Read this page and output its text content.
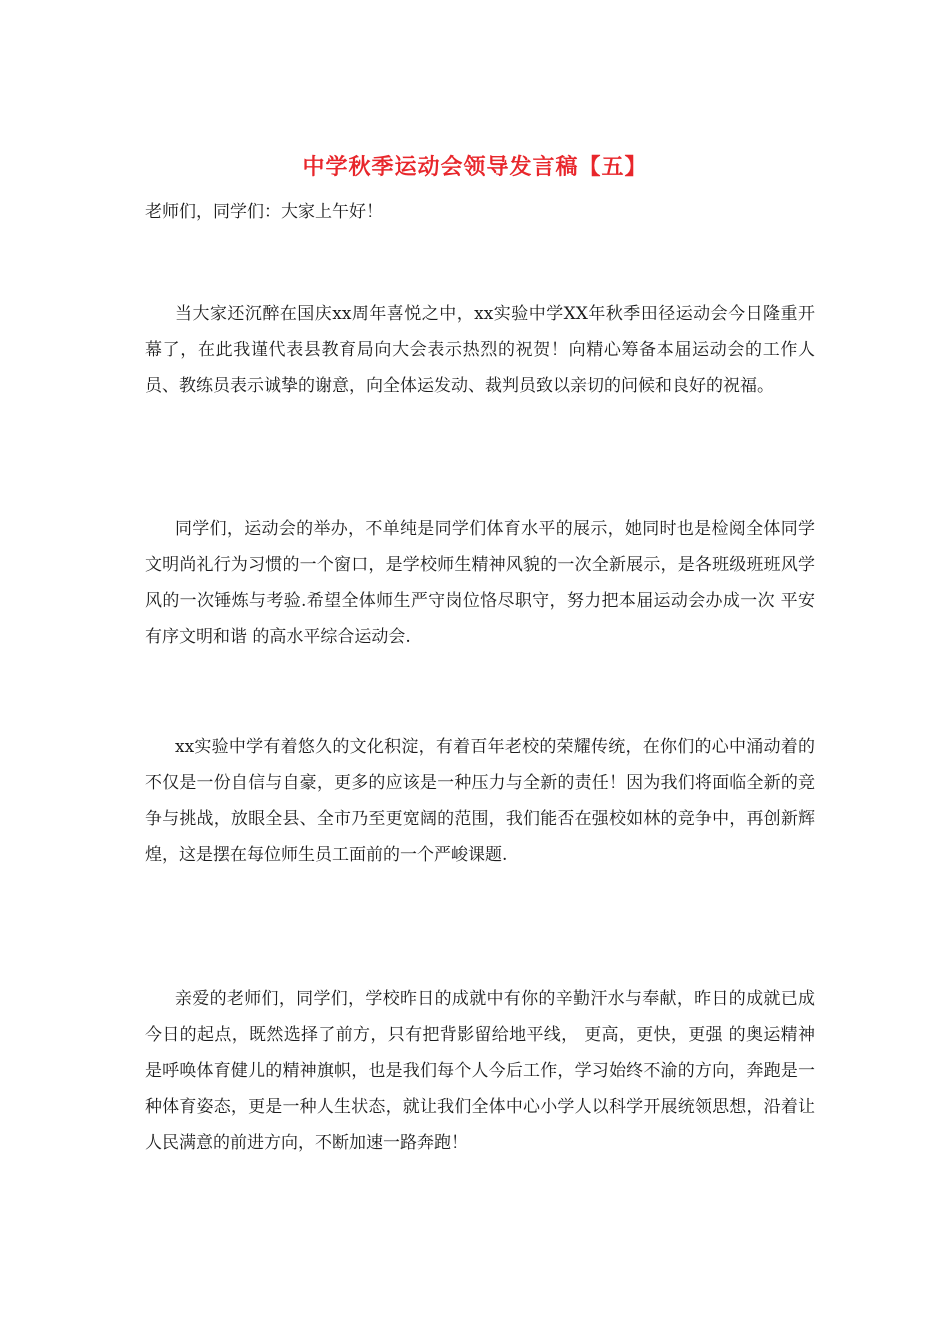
中学秋季运动会领导发言稿【五】
老师们，同学们：大家上午好！

当大家还沉醉在国庆xx周年喜悦之中，xx实验中学XX年秋季田径运动会今日隆重开幕了，在此我谨代表县教育局向大会表示热烈的祝贺！向精心筹备本届运动会的工作人员、教练员表示诚挚的谢意，向全体运发动、裁判员致以亲切的问候和良好的祝福。

同学们，运动会的举办，不单纯是同学们体育水平的展示，她同时也是检阅全体同学文明尚礼行为习惯的一个窗口，是学校师生精神风貌的一次全新展示，是各班级班班风学风的一次锤炼与考验.希望全体师生严守岗位恪尽职守，努力把本届运动会办成一次 平安有序文明和谐 的高水平综合运动会.

xx实验中学有着悠久的文化积淀，有着百年老校的荣耀传统，在你们的心中涌动着的不仅是一份自信与自豪，更多的应该是一种压力与全新的责任！因为我们将面临全新的竞争与挑战，放眼全县、全市乃至更宽阔的范围，我们能否在强校如林的竞争中，再创新辉煌，这是摆在每位师生员工面前的一个严峻课题.

亲爱的老师们，同学们，学校昨日的成就中有你的辛勤汗水与奉献，昨日的成就已成今日的起点，既然选择了前方，只有把背影留给地平线， 更高，更快，更强 的奥运精神是呼唤体育健儿的精神旗帜，也是我们每个人今后工作，学习始终不渝的方向，奔跑是一种体育姿态，更是一种人生状态，就让我们全体中心小学人以科学开展统领思想，沿着让人民满意的前进方向，不断加速一路奔跑！
